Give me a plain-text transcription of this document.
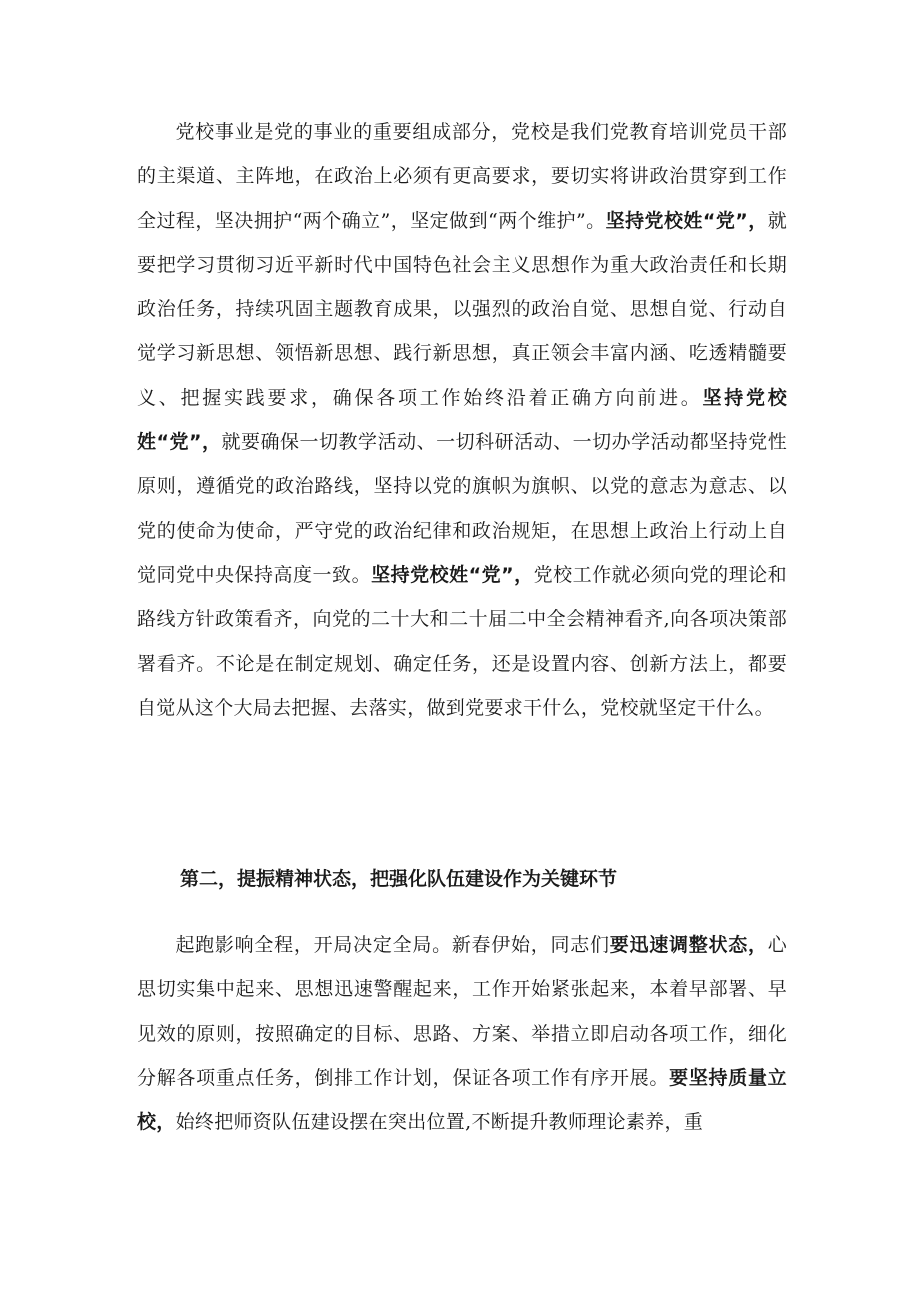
党校事业是党的事业的重要组成部分，党校是我们党教育培训党员干部的主渠道、主阵地，在政治上必须有更高要求，要切实将讲政治贯穿到工作全过程，坚决拥护“两个确立”，坚定做到“两个维护”。坚持党校姓“党”，就要把学习贯彻习近平新时代中国特色社会主义思想作为重大政治责任和长期政治任务，持续巩固主题教育成果，以强烈的政治自觉、思想自觉、行动自觉学习新思想、领悟新思想、践行新思想，真正领会丰富内涵、吃透精髓要义、把握实践要求，确保各项工作始终沿着正确方向前进。坚持党校姓“党”，就要确保一切教学活动、一切科研活动、一切办学活动都坚持党性原则，遵循党的政治路线，坚持以党的旗帜为旗帜、以党的意志为意志、以党的使命为使命，严守党的政治纪律和政治规矩，在思想上政治上行动上自觉同党中央保持高度一致。坚持党校姓“党”，党校工作就必须向党的理论和路线方针政策看齐，向党的二十大和二十届二中全会精神看齐,向各项决策部署看齐。不论是在制定规划、确定任务，还是设置内容、创新方法上，都要自觉从这个大局去把握、去落实，做到党要求干什么，党校就坚定干什么。
第二，提振精神状态，把强化队伍建设作为关键环节
起跑影响全程，开局决定全局。新春伊始，同志们要迅速调整状态，心思切实集中起来、思想迅速警醒起来，工作开始紧张起来，本着早部署、早见效的原则，按照确定的目标、思路、方案、举措立即启动各项工作，细化分解各项重点任务，倒排工作计划，保证各项工作有序开展。要坚持质量立校，始终把师资队伍建设摆在突出位置,不断提升教师理论素养，重
